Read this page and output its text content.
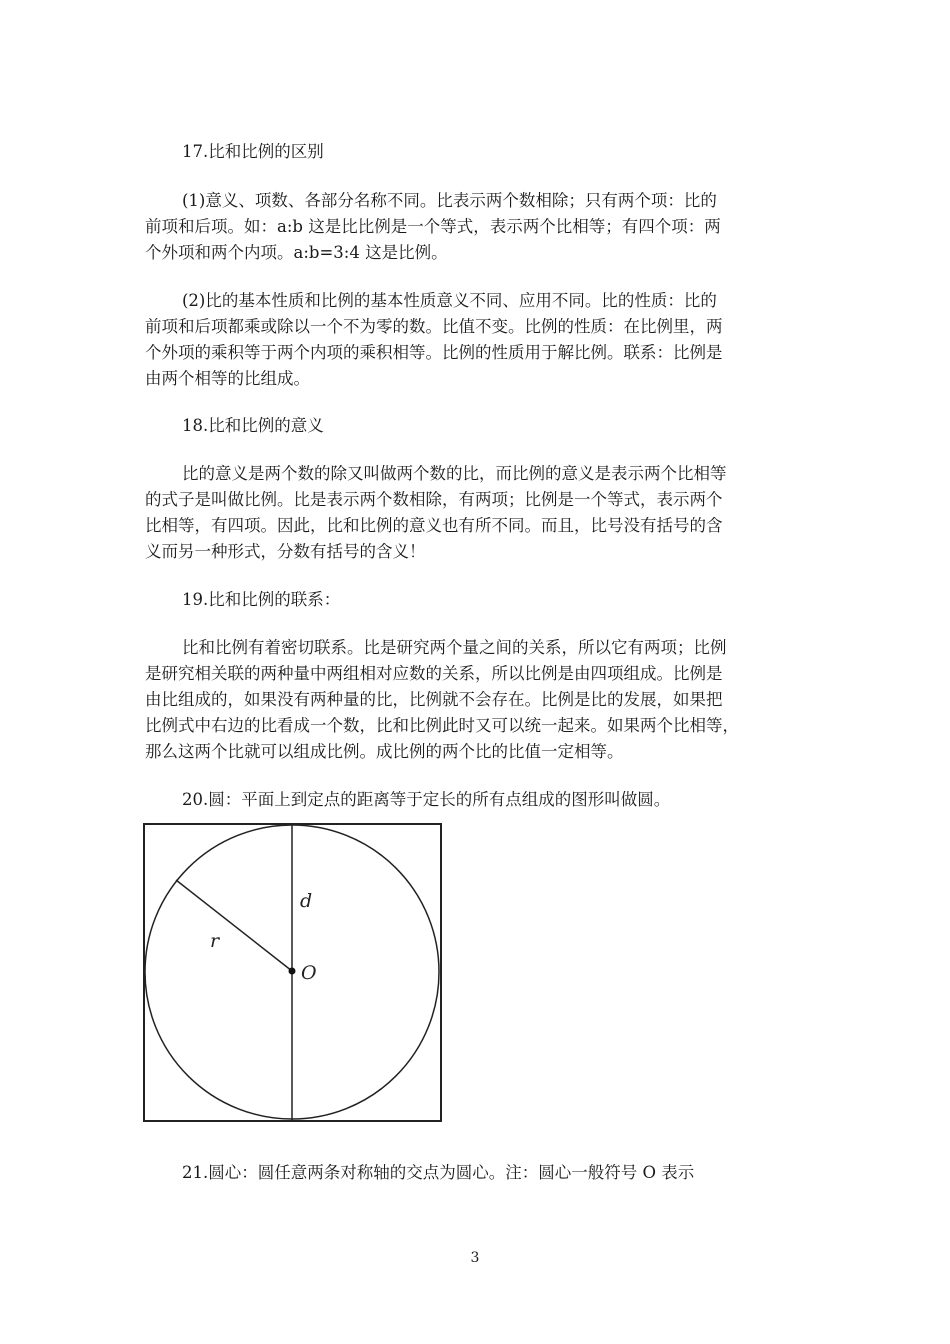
17.比和比例的区别

(1)意义、项数、各部分名称不同。比表示两个数相除；只有两个项：比的

前项和后项。如：a:b 这是比比例是一个等式，表示两个比相等；有四个项：两

个外项和两个内项。a:b=3:4 这是比例。

(2)比的基本性质和比例的基本性质意义不同、应用不同。比的性质：比的

前项和后项都乘或除以一个不为零的数。比值不变。比例的性质：在比例里，两

个外项的乘积等于两个内项的乘积相等。比例的性质用于解比例。联系：比例是

由两个相等的比组成。

18.比和比例的意义

比的意义是两个数的除又叫做两个数的比，而比例的意义是表示两个比相等

的式子是叫做比例。比是表示两个数相除，有两项；比例是一个等式，表示两个

比相等，有四项。因此，比和比例的意义也有所不同。而且，比号没有括号的含

义而另一种形式，分数有括号的含义！

19.比和比例的联系：

比和比例有着密切联系。比是研究两个量之间的关系，所以它有两项；比例

是研究相关联的两种量中两组相对应数的关系，所以比例是由四项组成。比例是

由比组成的，如果没有两种量的比，比例就不会存在。比例是比的发展，如果把

比例式中右边的比看成一个数，比和比例此时又可以统一起来。如果两个比相等，

那么这两个比就可以组成比例。成比例的两个比的比值一定相等。

20.圆：平面上到定点的距离等于定长的所有点组成的图形叫做圆。

d
r
O

21.圆心：圆任意两条对称轴的交点为圆心。注：圆心一般符号 O 表示

3
